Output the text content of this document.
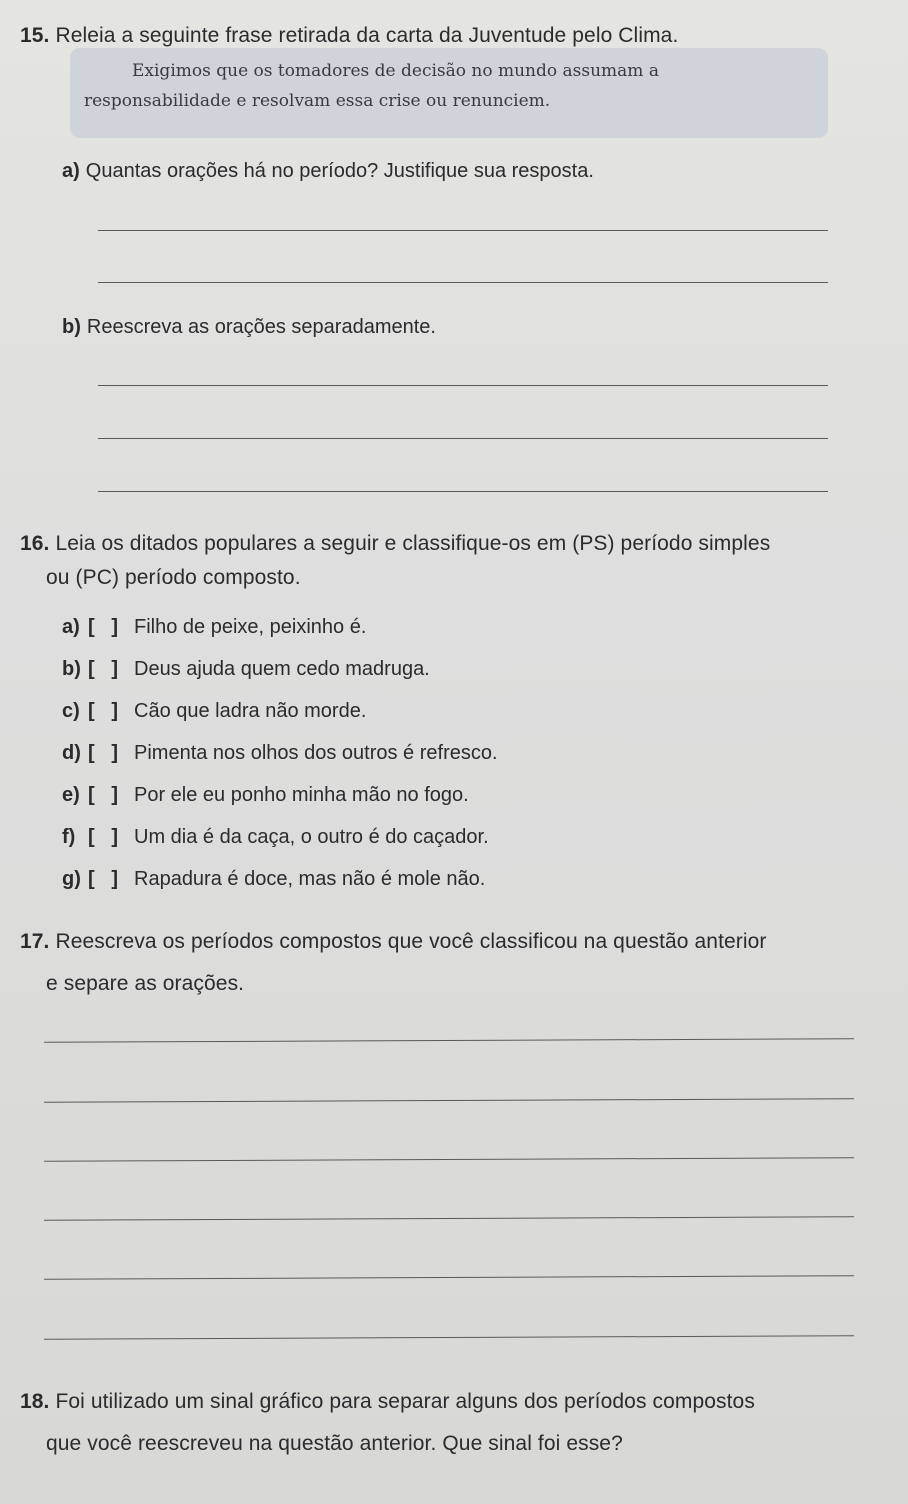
15. Releia a seguinte frase retirada da carta da Juventude pelo Clima.
Exigimos que os tomadores de decisão no mundo assumam a
responsabilidade e resolvam essa crise ou renunciem.
a) Quantas orações há no período? Justifique sua resposta.
b) Reescreva as orações separadamente.
16. Leia os ditados populares a seguir e classifique-os em (PS) período simples
ou (PC) período composto.
a) [   ] Filho de peixe, peixinho é.
b) [   ] Deus ajuda quem cedo madruga.
c) [   ] Cão que ladra não morde.
d) [   ] Pimenta nos olhos dos outros é refresco.
e) [   ] Por ele eu ponho minha mão no fogo.
f) [   ] Um dia é da caça, o outro é do caçador.
g) [   ] Rapadura é doce, mas não é mole não.
17. Reescreva os períodos compostos que você classificou na questão anterior
e separe as orações.
18. Foi utilizado um sinal gráfico para separar alguns dos períodos compostos
que você reescreveu na questão anterior. Que sinal foi esse?
